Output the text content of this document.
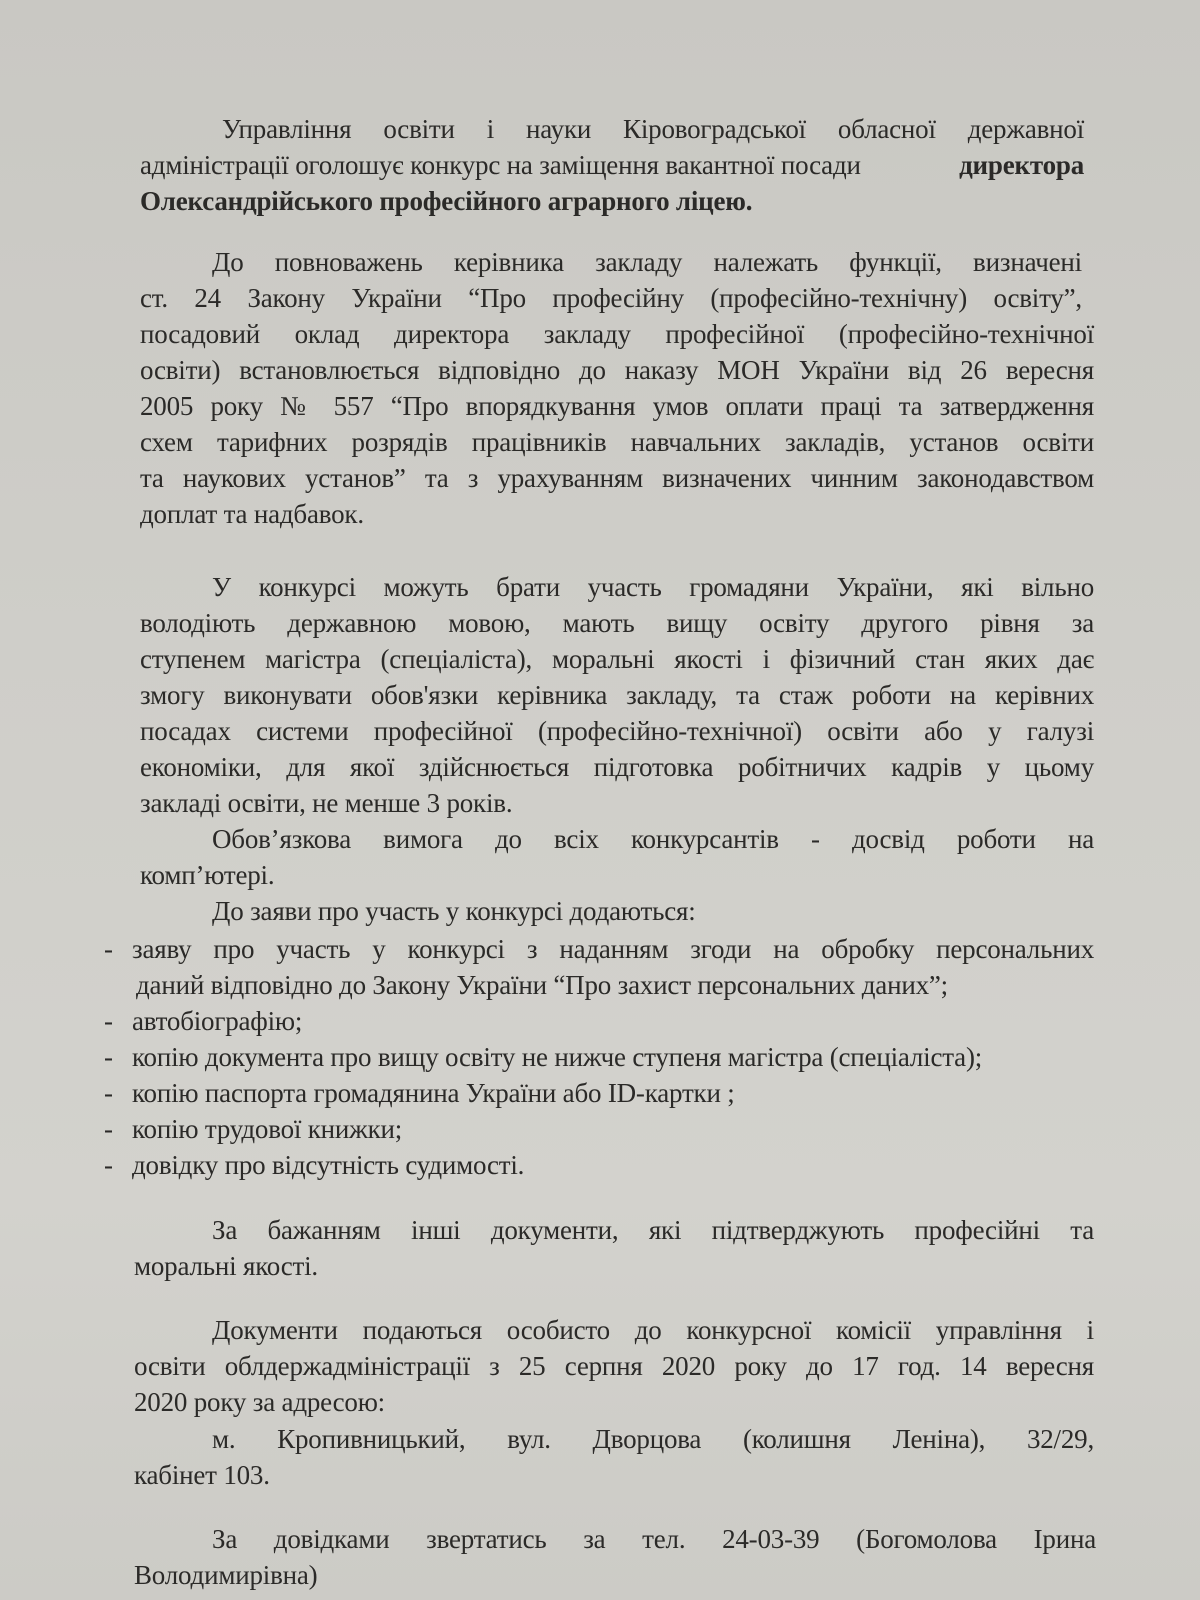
Управління освіти і науки Кіровоградської обласної державної
адміністрації оголошує конкурс на заміщення вакантної посади	директора
Олександрійського професійного аграрного ліцею.
До повноважень керівника закладу належать функції, визначені
ст. 24 Закону України “Про професійну (професійно-технічну) освіту”,
посадовий оклад директора закладу професійної (професійно-технічної
освіти) встановлюється відповідно до наказу МОН України від 26 вересня
2005 року № 557 “Про впорядкування умов оплати праці та затвердження
схем тарифних розрядів працівників навчальних закладів, установ освіти
та наукових установ” та з урахуванням визначених чинним законодавством
доплат та надбавок.
У конкурсі можуть брати участь громадяни України, які вільно
володіють державною мовою, мають вищу освіту другого рівня за
ступенем магістра (спеціаліста), моральні якості і фізичний стан яких дає
змогу виконувати обов'язки керівника закладу, та стаж роботи на керівних
посадах системи професійної (професійно-технічної) освіти або у галузі
економіки, для якої здійснюється підготовка робітничих кадрів у цьому
закладі освіти, не менше 3 років.
Обов’язкова вимога до всіх конкурсантів - досвід роботи на
комп’ютері.
До заяви про участь у конкурсі додаються:
- заяву про участь у конкурсі з наданням згоди на обробку персональних
даний відповідно до Закону України “Про захист персональних даних”;
- автобіографію;
- копію документа про вищу освіту не нижче ступеня магістра (спеціаліста);
- копію паспорта громадянина України або ID-картки ;
- копію трудової книжки;
- довідку про відсутність судимості.
За бажанням інші документи, які підтверджують професійні та
моральні якості.
Документи подаються особисто до конкурсної комісії управління і
освіти облдержадміністрації з 25 серпня 2020 року до 17 год. 14 вересня
2020 року за адресою:
м. Кропивницький, вул. Дворцова (колишня Леніна), 32/29,
кабінет 103.
За довідками звертатись за тел. 24-03-39 (Богомолова Ірина
Володимирівна)
